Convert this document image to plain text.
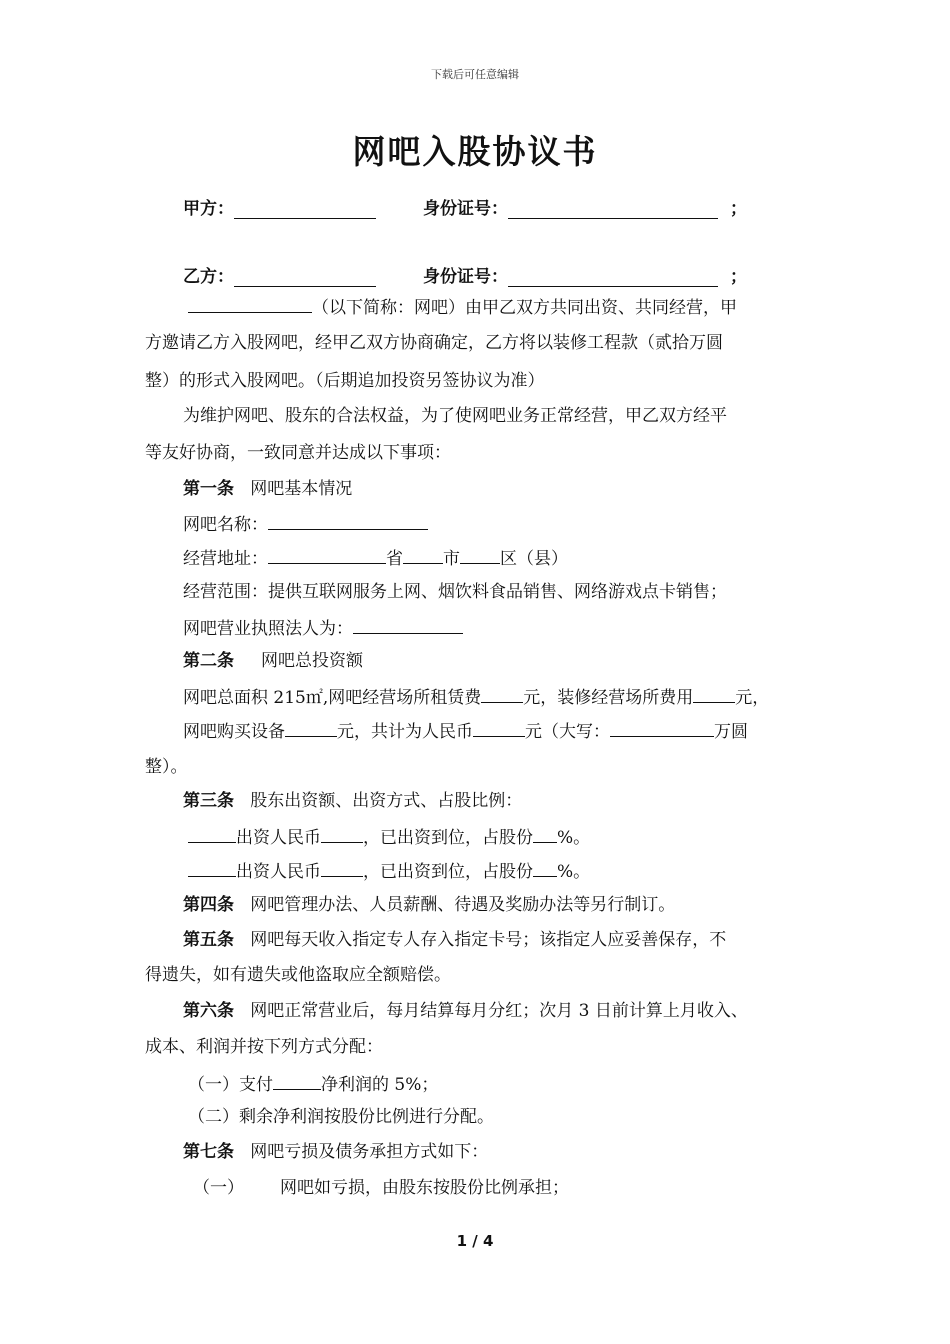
下载后可任意编辑
网吧入股协议书
甲方：	身份证号：	；
乙方：	身份证号：	；
（以下简称：网吧）由甲乙双方共同出资、共同经营，甲
方邀请乙方入股网吧，经甲乙双方协商确定，乙方将以装修工程款（贰拾万圆
整）的形式入股网吧。（后期追加投资另签协议为准）
为维护网吧、股东的合法权益，为了使网吧业务正常经营，甲乙双方经平
等友好协商，一致同意并达成以下事项：
第一条 网吧基本情况
网吧名称：
经营地址：	省 市 区（县）
经营范围：提供互联网服务上网、烟饮料食品销售、网络游戏点卡销售；
网吧营业执照法人为：
第二条 网吧总投资额
网吧总面积 215㎡,网吧经营场所租赁费 元，装修经营场所费用 元，
网吧购买设备	元，共计为人民币	元（大写：	万圆
整）。
第三条 股东出资额、出资方式、占股比例：
出资人民币 ，已出资到位，占股份 %。
出资人民币 ，已出资到位，占股份 %。
第四条 网吧管理办法、人员薪酬、待遇及奖励办法等另行制订。
第五条 网吧每天收入指定专人存入指定卡号；该指定人应妥善保存，不
得遗失，如有遗失或他盗取应全额赔偿。
第六条 网吧正常营业后，每月结算每月分红；次月 3 日前计算上月收入、
成本、利润并按下列方式分配：
（一）支付	净利润的 5%；
（二）剩余净利润按股份比例进行分配。
第七条 网吧亏损及债务承担方式如下：
（一） 网吧如亏损，由股东按股份比例承担；
1 / 4
